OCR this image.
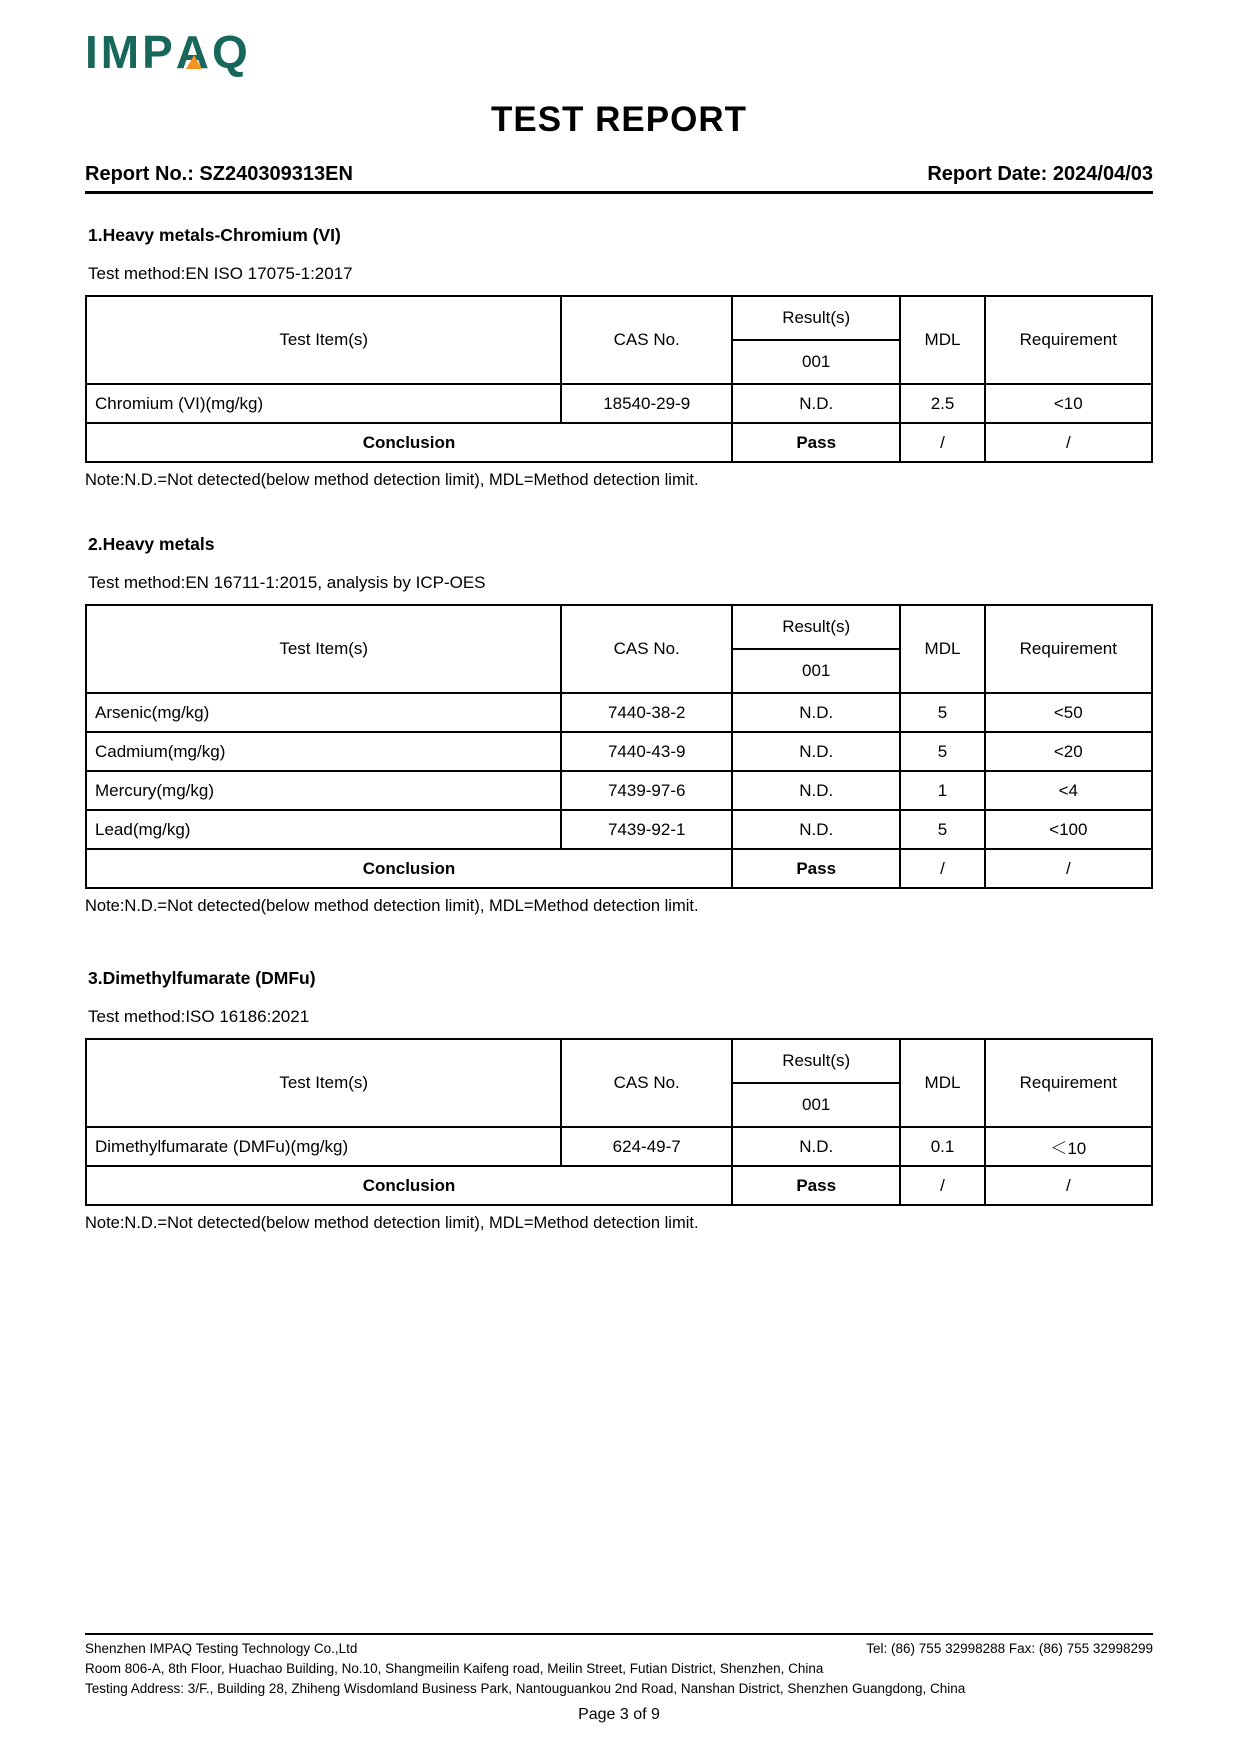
IMPAQ
TEST REPORT
Report No.: SZ240309313EN	Report Date: 2024/04/03
1.Heavy metals-Chromium (VI)
Test method:EN ISO 17075-1:2017
Test Item(s)	CAS No.	Result(s)	MDL	Requirement
		001		
Chromium (VI)(mg/kg)	18540-29-9	N.D.	2.5	<10
Conclusion		Pass	/	/
Note:N.D.=Not detected(below method detection limit), MDL=Method detection limit.
2.Heavy metals
Test method:EN 16711-1:2015, analysis by ICP-OES
Test Item(s)	CAS No.	Result(s)	MDL	Requirement
		001		
Arsenic(mg/kg)	7440-38-2	N.D.	5	<50
Cadmium(mg/kg)	7440-43-9	N.D.	5	<20
Mercury(mg/kg)	7439-97-6	N.D.	1	<4
Lead(mg/kg)	7439-92-1	N.D.	5	<100
Conclusion		Pass	/	/
Note:N.D.=Not detected(below method detection limit), MDL=Method detection limit.
3.Dimethylfumarate (DMFu)
Test method:ISO 16186:2021
Test Item(s)	CAS No.	Result(s)	MDL	Requirement
		001		
Dimethylfumarate (DMFu)(mg/kg)	624-49-7	N.D.	0.1	＜10
Conclusion		Pass	/	/
Note:N.D.=Not detected(below method detection limit), MDL=Method detection limit.
Shenzhen IMPAQ Testing Technology Co.,Ltd	Tel: (86) 755 32998288 Fax: (86) 755 32998299
Room 806-A, 8th Floor, Huachao Building, No.10, Shangmeilin Kaifeng road, Meilin Street, Futian District, Shenzhen, China
Testing Address: 3/F., Building 28, Zhiheng Wisdomland Business Park, Nantouguankou 2nd Road, Nanshan District, Shenzhen Guangdong, China
Page 3 of 9
